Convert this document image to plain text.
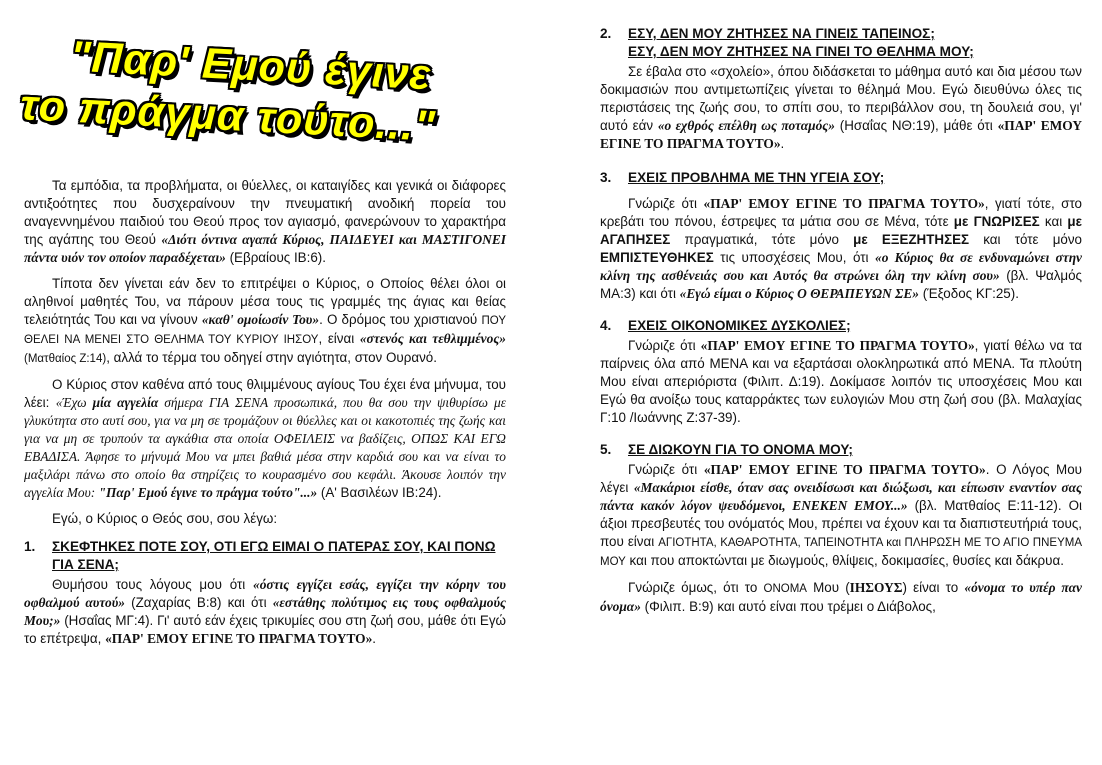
"Παρ' Εμού έγινε
το πράγμα τούτο..."

Τα εμπόδια, τα προβλήματα, οι θύελλες, οι καταιγίδες και γενικά οι διάφορες αντιξοότητες που δυσχεραίνουν την πνευματική ανοδική πορεία του αναγεννημένου παιδιού του Θεού προς τον αγιασμό, φανερώνουν το χαρακτήρα της αγάπης του Θεού «Διότι όντινα αγαπά Κύριος, ΠΑΙΔΕΥΕΙ και ΜΑΣΤΙΓΟΝΕΙ πάντα υιόν τον οποίον παραδέχεται» (Εβραίους ΙΒ:6).

Τίποτα δεν γίνεται εάν δεν το επιτρέψει ο Κύριος, ο Οποίος θέλει όλοι οι αληθινοί μαθητές Του, να πάρουν μέσα τους τις γραμμές της άγιας και θείας τελειότητάς Του και να γίνουν «καθ' ομοίωσίν Του». Ο δρόμος του χριστιανού ΠΟΥ ΘΕΛΕΙ ΝΑ ΜΕΝΕΙ ΣΤΟ ΘΕΛΗΜΑ ΤΟΥ ΚΥΡΙΟΥ ΙΗΣΟΥ, είναι «στενός και τεθλιμμένος» (Ματθαίος Ζ:14), αλλά το τέρμα του οδηγεί στην αγιότητα, στον Ουρανό.

Ο Κύριος στον καθένα από τους θλιμμένους αγίους Του έχει ένα μήνυμα, του λέει: «Έχω μία αγγελία σήμερα ΓΙΑ ΣΕΝΑ προσωπικά, που θα σου την ψιθυρίσω με γλυκύτητα στο αυτί σου, για να μη σε τρομάζουν οι θύελλες και οι κακοτοπιές της ζωής και για να μη σε τρυπούν τα αγκάθια στα οποία ΟΦΕΙΛΕΙΣ να βαδίζεις, ΟΠΩΣ ΚΑΙ ΕΓΩ ΕΒΑΔΙΣΑ. Άφησε το μήνυμά Μου να μπει βαθιά μέσα στην καρδιά σου και να είναι το μαξιλάρι πάνω στο οποίο θα στηρίζεις το κουρασμένο σου κεφάλι. Άκουσε λοιπόν την αγγελία Μου: "Παρ' Εμού έγινε το πράγμα τούτο"...» (Α' Βασιλέων ΙΒ:24).

Εγώ, ο Κύριος ο Θεός σου, σου λέγω:

1.	ΣΚΕΦΤΗΚΕΣ ΠΟΤΕ ΣΟΥ, ΟΤΙ ΕΓΩ ΕΙΜΑΙ Ο ΠΑΤΕΡΑΣ ΣΟΥ, ΚΑΙ ΠΟΝΩ ΓΙΑ ΣΕΝΑ;

Θυμήσου τους λόγους μου ότι «όστις εγγίζει εσάς, εγγίζει την κόρην του οφθαλμού αυτού» (Ζαχαρίας Β:8) και ότι «εστάθης πολύτιμος εις τους οφθαλμούς Μου;» (Ησαΐας ΜΓ:4). Γι' αυτό εάν έχεις τρικυμίες σου στη ζωή σου, μάθε ότι Εγώ το επέτρεψα, «ΠΑΡ' ΕΜΟΥ ΕΓΙΝΕ ΤΟ ΠΡΑΓΜΑ ΤΟΥΤΟ».

2.	ΕΣΥ, ΔΕΝ ΜΟΥ ΖΗΤΗΣΕΣ ΝΑ ΓΙΝΕΙΣ ΤΑΠΕΙΝΟΣ;
ΕΣΥ, ΔΕΝ ΜΟΥ ΖΗΤΗΣΕΣ ΝΑ ΓΙΝΕΙ ΤΟ ΘΕΛΗΜΑ ΜΟΥ;

Σε έβαλα στο «σχολείο», όπου διδάσκεται το μάθημα αυτό και δια μέσου των δοκιμασιών που αντιμετωπίζεις γίνεται το θέλημά Μου. Εγώ διευθύνω όλες τις περιστάσεις της ζωής σου, το σπίτι σου, το περιβάλλον σου, τη δουλειά σου, γι' αυτό εάν «ο εχθρός επέλθη ως ποταμός» (Ησαΐας ΝΘ:19), μάθε ότι «ΠΑΡ' ΕΜΟΥ ΕΓΙΝΕ ΤΟ ΠΡΑΓΜΑ ΤΟΥΤΟ».

3.	ΕΧΕΙΣ ΠΡΟΒΛΗΜΑ ΜΕ ΤΗΝ ΥΓΕΙΑ ΣΟΥ;

Γνώριζε ότι «ΠΑΡ' ΕΜΟΥ ΕΓΙΝΕ ΤΟ ΠΡΑΓΜΑ ΤΟΥΤΟ», γιατί τότε, στο κρεβάτι του πόνου, έστρεψες τα μάτια σου σε Μένα, τότε με ΓΝΩΡΙΣΕΣ και με ΑΓΑΠΗΣΕΣ πραγματικά, τότε μόνο με ΕΞΕΖΗΤΗΣΕΣ και τότε μόνο ΕΜΠΙΣΤΕΥΘΗΚΕΣ τις υποσχέσεις Μου, ότι «ο Κύριος θα σε ενδυναμώνει στην κλίνη της ασθένειάς σου και Αυτός θα στρώνει όλη την κλίνη σου» (βλ. Ψαλμός ΜΑ:3) και ότι «Εγώ είμαι ο Κύριος Ο ΘΕΡΑΠΕΥΩΝ ΣΕ» (Έξοδος ΚΓ:25).

4.	ΕΧΕΙΣ ΟΙΚΟΝΟΜΙΚΕΣ ΔΥΣΚΟΛΙΕΣ;

Γνώριζε ότι «ΠΑΡ' ΕΜΟΥ ΕΓΙΝΕ ΤΟ ΠΡΑΓΜΑ ΤΟΥΤΟ», γιατί θέλω να τα παίρνεις όλα από ΜΕΝΑ και να εξαρτάσαι ολοκληρωτικά από ΜΕΝΑ. Τα πλούτη Μου είναι απεριόριστα (Φιλιπ. Δ:19). Δοκίμασε λοιπόν τις υποσχέσεις Μου και Εγώ θα ανοίξω τους καταρράκτες των ευλογιών Μου στη ζωή σου (βλ. Μαλαχίας Γ:10 /Ιωάννης Ζ:37-39).

5.	ΣΕ ΔΙΩΚΟΥΝ ΓΙΑ ΤΟ ΟΝΟΜΑ ΜΟΥ;

Γνώριζε ότι «ΠΑΡ' ΕΜΟΥ ΕΓΙΝΕ ΤΟ ΠΡΑΓΜΑ ΤΟΥΤΟ». Ο Λόγος Μου λέγει «Μακάριοι είσθε, όταν σας ονειδίσωσι και διώξωσι, και είπωσιν εναντίον σας πάντα κακόν λόγον ψευδόμενοι, ΕΝΕΚΕΝ ΕΜΟΥ...» (βλ. Ματθαίος Ε:11-12). Οι άξιοι πρεσβευτές του ονόματός Μου, πρέπει να έχουν και τα διαπιστευτήριά τους, που είναι ΑΓΙΟΤΗΤΑ, ΚΑΘΑΡΟΤΗΤΑ, ΤΑΠΕΙΝΟΤΗΤΑ και ΠΛΗΡΩΣΗ ΜΕ ΤΟ ΑΓΙΟ ΠΝΕΥΜΑ ΜΟΥ και που αποκτώνται με διωγμούς, θλίψεις, δοκιμασίες, θυσίες και δάκρυα.

Γνώριζε όμως, ότι το ΟΝΟΜΑ Μου (ΙΗΣΟΥΣ) είναι το «όνομα το υπέρ παν όνομα» (Φιλιπ. Β:9) και αυτό είναι που τρέμει ο Διάβολος,
